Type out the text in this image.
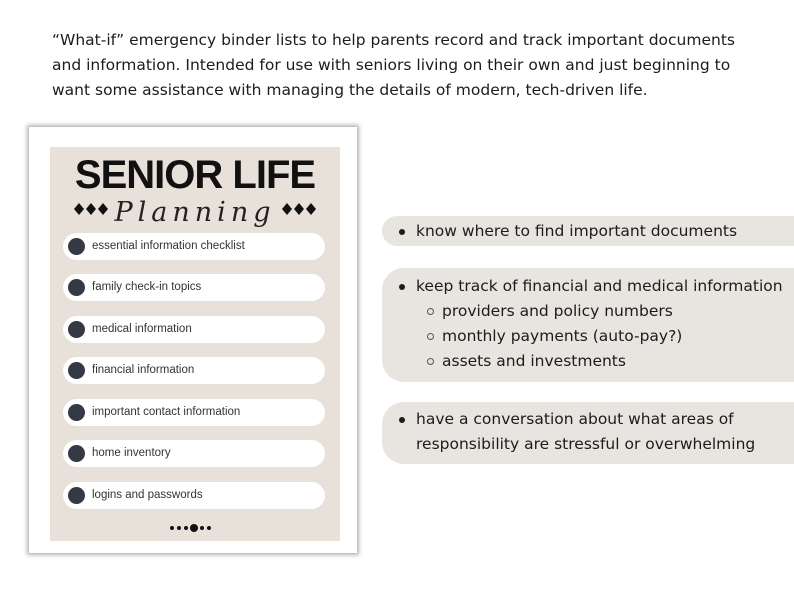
“What-if” emergency binder lists to help parents record and track important documents and information. Intended for use with seniors living on their own and just beginning to want some assistance with managing the details of modern, tech-driven life.

SENIOR LIFE
Planning
essential information checklist
family check-in topics
medical information
financial information
important contact information
home inventory
logins and passwords
know where to find important documents
keep track of financial and medical information
providers and policy numbers
monthly payments (auto-pay?)
assets and investments
have a conversation about what areas of responsibility are stressful or overwhelming
